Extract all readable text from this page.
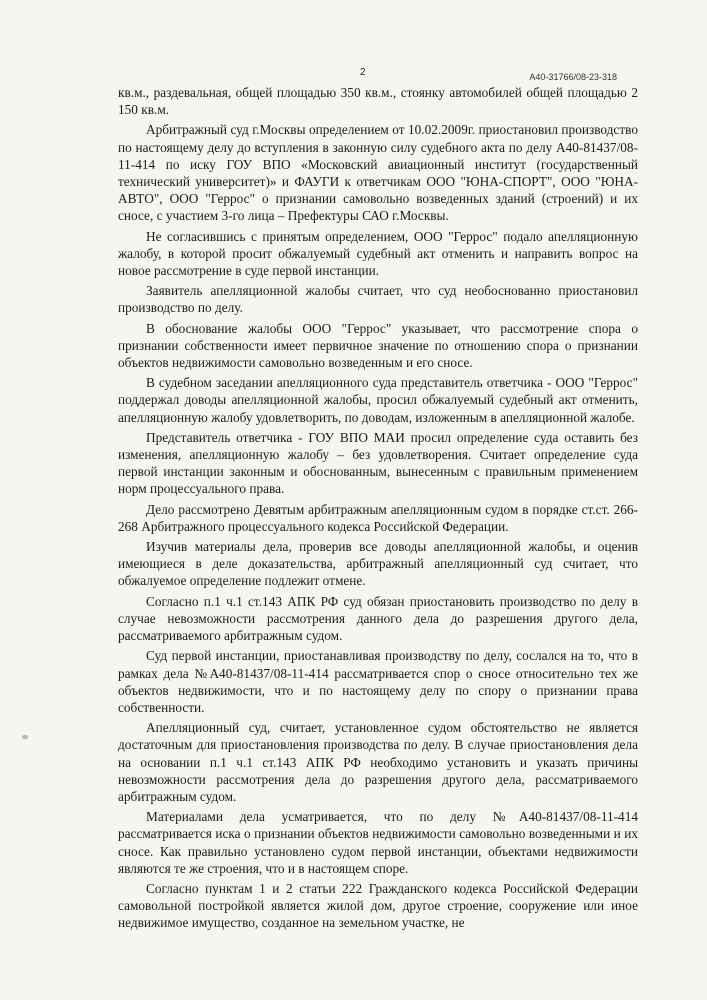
2	А40-31766/08-23-318

кв.м., раздевальная, общей площадью 350 кв.м., стоянку автомобилей общей площадью 2 150 кв.м.

Арбитражный суд г.Москвы определением от 10.02.2009г. приостановил производство по настоящему делу до вступления в законную силу судебного акта по делу А40-81437/08-11-414 по иску ГОУ ВПО «Московский авиационный институт (государственный технический университет)» и ФАУГИ к ответчикам ООО "ЮНА-СПОРТ", ООО "ЮНА-АВТО", ООО "Геррос" о признании самовольно возведенных зданий (строений) и их сносе, с участием 3-го лица – Префектуры САО г.Москвы.

Не согласившись с принятым определением, ООО "Геррос" подало апелляционную жалобу, в которой просит обжалуемый судебный акт отменить и направить вопрос на новое рассмотрение в суде первой инстанции.

Заявитель апелляционной жалобы считает, что суд необоснованно приостановил производство по делу.

В обоснование жалобы ООО "Геррос" указывает, что рассмотрение спора о признании собственности имеет первичное значение по отношению спора о признании объектов недвижимости самовольно возведенным и его сносе.

В судебном заседании апелляционного суда представитель ответчика - ООО "Геррос" поддержал доводы апелляционной жалобы, просил обжалуемый судебный акт отменить, апелляционную жалобу удовлетворить, по доводам, изложенным в апелляционной жалобе.

Представитель ответчика - ГОУ ВПО МАИ просил определение суда оставить без изменения, апелляционную жалобу – без удовлетворения. Считает определение суда первой инстанции законным и обоснованным, вынесенным с правильным применением норм процессуального права.

Дело рассмотрено Девятым арбитражным апелляционным судом в порядке ст.ст. 266-268 Арбитражного процессуального кодекса Российской Федерации.

Изучив материалы дела, проверив все доводы апелляционной жалобы, и оценив имеющиеся в деле доказательства, арбитражный апелляционный суд считает, что обжалуемое определение подлежит отмене.

Согласно п.1 ч.1 ст.143 АПК РФ суд обязан приостановить производство по делу в случае невозможности рассмотрения данного дела до разрешения другого дела, рассматриваемого арбитражным судом.

Суд первой инстанции, приостанавливая производству по делу, сослался на то, что в рамках дела №А40-81437/08-11-414 рассматривается спор о сносе относительно тех же объектов недвижимости, что и по настоящему делу по спору о признании права собственности.

Апелляционный суд, считает, установленное судом обстоятельство не является достаточным для приостановления производства по делу. В случае приостановления дела на основании п.1 ч.1 ст.143 АПК РФ необходимо установить и указать причины невозможности рассмотрения дела до разрешения другого дела, рассматриваемого арбитражным судом.

Материалами дела усматривается, что по делу №А40-81437/08-11-414 рассматривается иска о признании объектов недвижимости самовольно возведенными и их сносе. Как правильно установлено судом первой инстанции, объектами недвижимости являются те же строения, что и в настоящем споре.

Согласно пунктам 1 и 2 статьи 222 Гражданского кодекса Российской Федерации самовольной постройкой является жилой дом, другое строение, сооружение или иное недвижимое имущество, созданное на земельном участке, не
